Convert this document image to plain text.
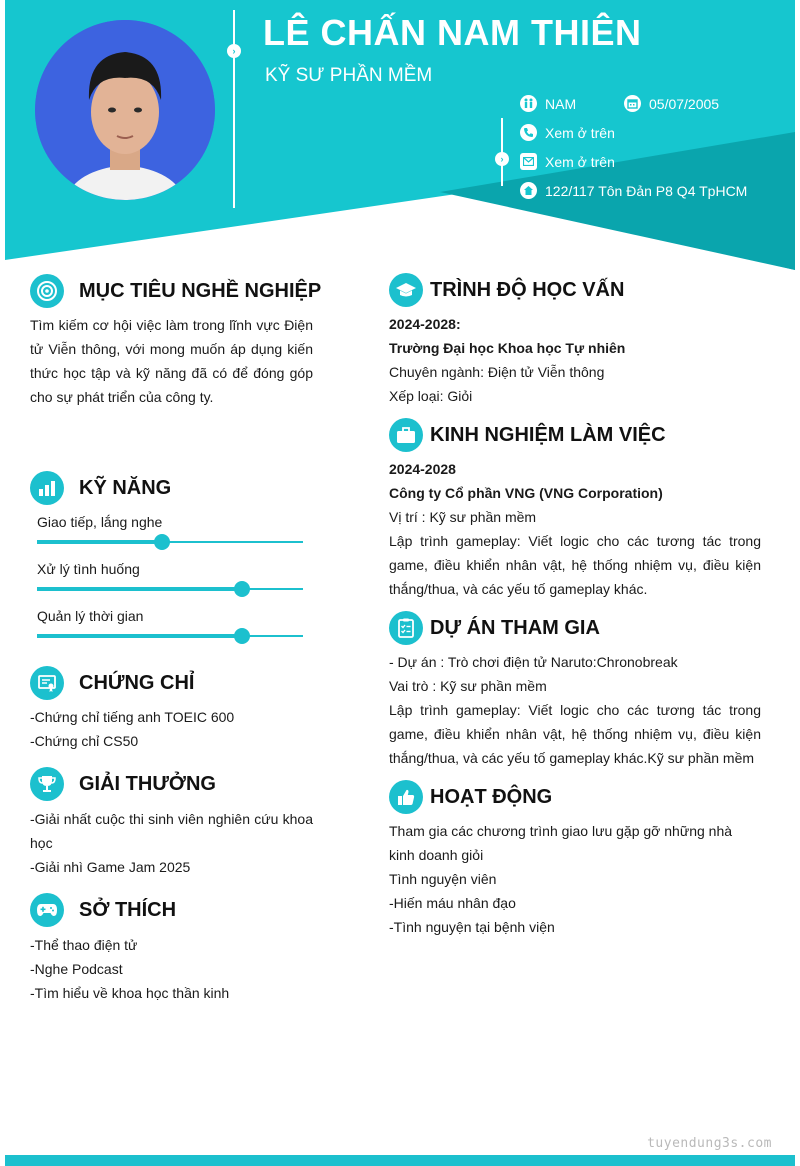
› LÊ CHẤN NAM THIÊN
KỸ SƯ PHẦN MỀM
›
NAM	05/07/2005
Xem ở trên
Xem ở trên
122/117 Tôn Đản P8 Q4 TpHCM
MỤC TIÊU NGHỀ NGHIỆP
Tìm kiếm cơ hội việc làm trong lĩnh vực Điện tử Viễn thông, với mong muốn áp dụng kiến thức học tập và kỹ năng đã có để đóng góp cho sự phát triển của công ty.
KỸ NĂNG
Giao tiếp, lắng nghe
Xử lý tình huống
Quản lý thời gian
CHỨNG CHỈ

-Chứng chỉ tiếng anh TOEIC 600

-Chứng chỉ CS50

GIẢI THƯỞNG

-Giải nhất cuộc thi sinh viên nghiên cứu khoa học

-Giải nhì Game Jam 2025

SỞ THÍCH

-Thể thao điện tử

-Nghe Podcast

-Tìm hiểu về khoa học thần kinh

TRÌNH ĐỘ HỌC VẤN

2024-2028:

Trường Đại học Khoa học Tự nhiên

Chuyên ngành: Điện tử Viễn thông

Xếp loại: Giỏi

KINH NGHIỆM LÀM VIỆC

2024-2028

Công ty Cổ phần VNG (VNG Corporation)

Vị trí : Kỹ sư phần mềm

Lập trình gameplay: Viết logic cho các tương tác trong game, điều khiển nhân vật, hệ thống nhiệm vụ, điều kiện thắng/thua, và các yếu tố gameplay khác.

DỰ ÁN THAM GIA

- Dự án : Trò chơi điện tử Naruto:Chronobreak

Vai trò : Kỹ sư phần mềm

Lập trình gameplay: Viết logic cho các tương tác trong game, điều khiển nhân vật, hệ thống nhiệm vụ, điều kiện thắng/thua, và các yếu tố gameplay khác.Kỹ sư phần mềm

HOẠT ĐỘNG

Tham gia các chương trình giao lưu gặp gỡ những nhà kinh doanh giỏi

Tình nguyện viên

-Hiến máu nhân đạo

-Tình nguyện tại bệnh viện

tuyendung3s.com
